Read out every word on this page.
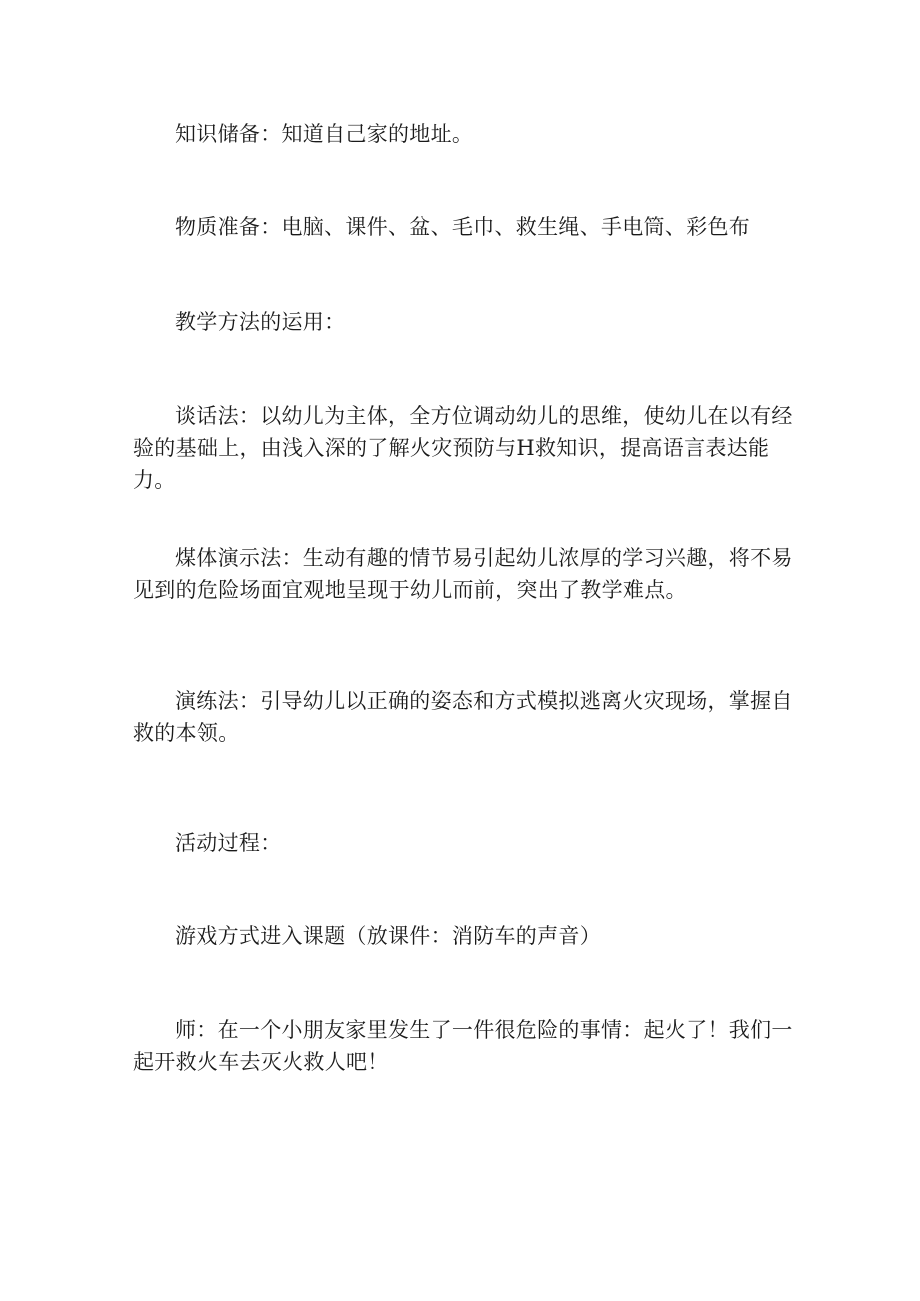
知识储备：知道自己家的地址。

物质准备：电脑、课件、盆、毛巾、救生绳、手电筒、彩色布

教学方法的运用：

谈话法：以幼儿为主体，全方位调动幼儿的思维，使幼儿在以有经验的基础上，由浅入深的了解火灾预防与H救知识，提高语言表达能力。

煤体演示法：生动有趣的情节易引起幼儿浓厚的学习兴趣，将不易见到的危险场面宜观地呈现于幼儿而前，突出了教学难点。

演练法：引导幼儿以正确的姿态和方式模拟逃离火灾现场，掌握自救的本领。

活动过程：

游戏方式进入课题（放课件：消防车的声音）

师：在一个小朋友家里发生了一件很危险的事情：起火了！我们一起开救火车去灭火救人吧！
